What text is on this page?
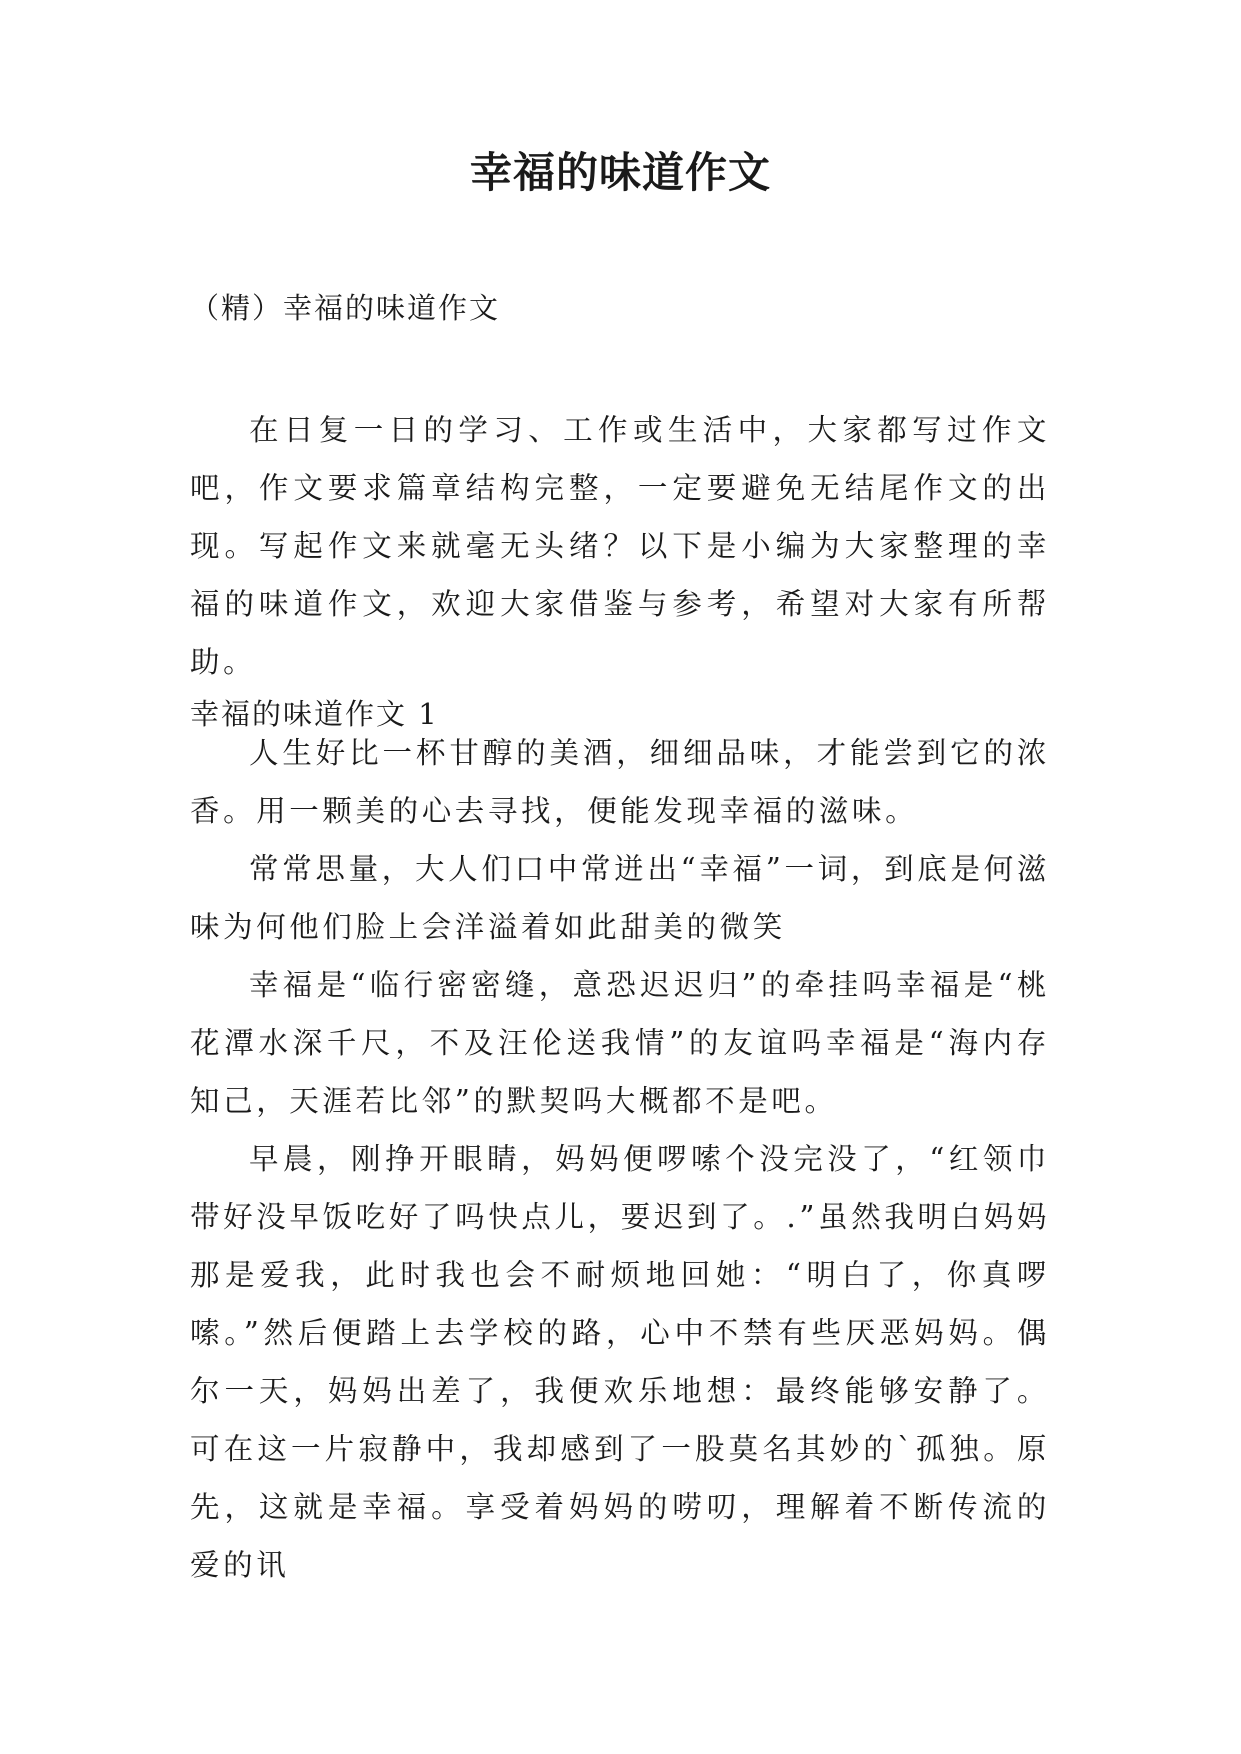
幸福的味道作文
（精）幸福的味道作文

在日复一日的学习、工作或生活中，大家都写过作文吧，作文要求篇章结构完整，一定要避免无结尾作文的出现。写起作文来就毫无头绪？以下是小编为大家整理的幸福的味道作文，欢迎大家借鉴与参考，希望对大家有所帮助。

幸福的味道作文 1

人生好比一杯甘醇的美酒，细细品味，才能尝到它的浓香。用一颗美的心去寻找，便能发现幸福的滋味。

常常思量，大人们口中常迸出“幸福”一词，到底是何滋味为何他们脸上会洋溢着如此甜美的微笑

幸福是“临行密密缝，意恐迟迟归”的牵挂吗幸福是“桃花潭水深千尺，不及汪伦送我情”的友谊吗幸福是“海内存知己，天涯若比邻”的默契吗大概都不是吧。

早晨，刚挣开眼睛，妈妈便啰嗦个没完没了，“红领巾带好没早饭吃好了吗快点儿，要迟到了。.”虽然我明白妈妈那是爱我，此时我也会不耐烦地回她：“明白了，你真啰嗦。”然后便踏上去学校的路，心中不禁有些厌恶妈妈。偶尔一天，妈妈出差了，我便欢乐地想：最终能够安静了。可在这一片寂静中，我却感到了一股莫名其妙的`孤独。原先，这就是幸福。享受着妈妈的唠叨，理解着不断传流的爱的讯
